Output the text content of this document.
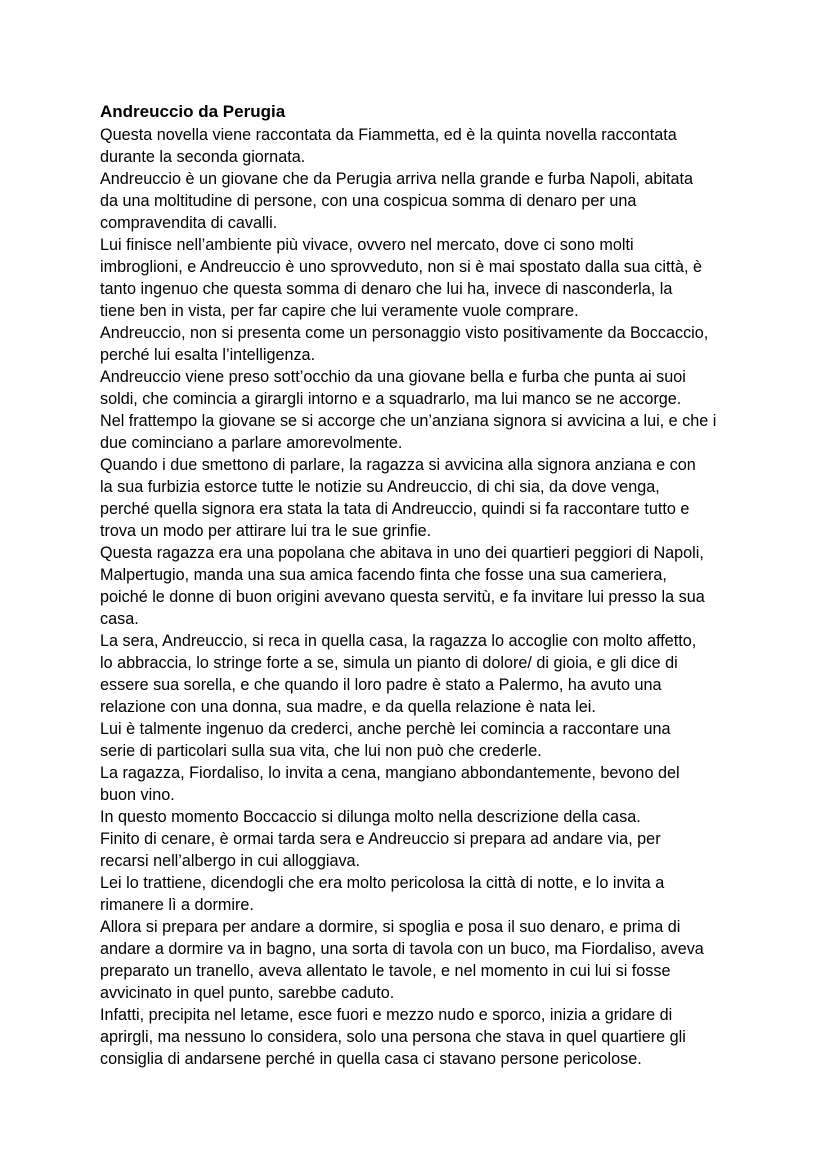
Andreuccio da Perugia
Questa novella viene raccontata da Fiammetta, ed è la quinta novella raccontata
durante la seconda giornata.
Andreuccio è un giovane che da Perugia arriva nella grande e furba Napoli, abitata
da una moltitudine di persone, con una cospicua somma di denaro per una
compravendita di cavalli.
Lui finisce nell’ambiente più vivace, ovvero nel mercato, dove ci sono molti
imbroglioni, e Andreuccio è uno sprovveduto, non si è mai spostato dalla sua città, è
tanto ingenuo che questa somma di denaro che lui ha, invece di nasconderla, la
tiene ben in vista, per far capire che lui veramente vuole comprare.
Andreuccio, non si presenta come un personaggio visto positivamente da Boccaccio,
perché lui esalta l’intelligenza.
Andreuccio viene preso sott’occhio da una giovane bella e furba che punta ai suoi
soldi, che comincia a girargli intorno e a squadrarlo, ma lui manco se ne accorge.
Nel frattempo la giovane se si accorge che un’anziana signora si avvicina a lui, e che i
due cominciano a parlare amorevolmente.
Quando i due smettono di parlare, la ragazza si avvicina alla signora anziana e con
la sua furbizia estorce tutte le notizie su Andreuccio, di chi sia, da dove venga,
perché quella signora era stata la tata di Andreuccio, quindi si fa raccontare tutto e
trova un modo per attirare lui tra le sue grinfie.
Questa ragazza era una popolana che abitava in uno dei quartieri peggiori di Napoli,
Malpertugio, manda una sua amica facendo finta che fosse una sua cameriera,
poiché le donne di buon origini avevano questa servitù, e fa invitare lui presso la sua
casa.
La sera, Andreuccio, si reca in quella casa, la ragazza lo accoglie con molto affetto,
lo abbraccia, lo stringe forte a se, simula un pianto di dolore/ di gioia, e gli dice di
essere sua sorella, e che quando il loro padre è stato a Palermo, ha avuto una
relazione con una donna, sua madre, e da quella relazione è nata lei.
Lui è talmente ingenuo da crederci, anche perchè lei comincia a raccontare una
serie di particolari sulla sua vita, che lui non può che crederle.
La ragazza, Fiordaliso, lo invita a cena, mangiano abbondantemente, bevono del
buon vino.
In questo momento Boccaccio si dilunga molto nella descrizione della casa.
Finito di cenare, è ormai tarda sera e Andreuccio si prepara ad andare via, per
recarsi nell’albergo in cui alloggiava.
Lei lo trattiene, dicendogli che era molto pericolosa la città di notte, e lo invita a
rimanere lì a dormire.
Allora si prepara per andare a dormire, si spoglia e posa il suo denaro, e prima di
andare a dormire va in bagno, una sorta di tavola con un buco, ma Fiordaliso, aveva
preparato un tranello, aveva allentato le tavole, e nel momento in cui lui si fosse
avvicinato in quel punto, sarebbe caduto.
Infatti, precipita nel letame, esce fuori e mezzo nudo e sporco, inizia a gridare di
aprirgli, ma nessuno lo considera, solo una persona che stava in quel quartiere gli
consiglia di andarsene perché in quella casa ci stavano persone pericolose.
